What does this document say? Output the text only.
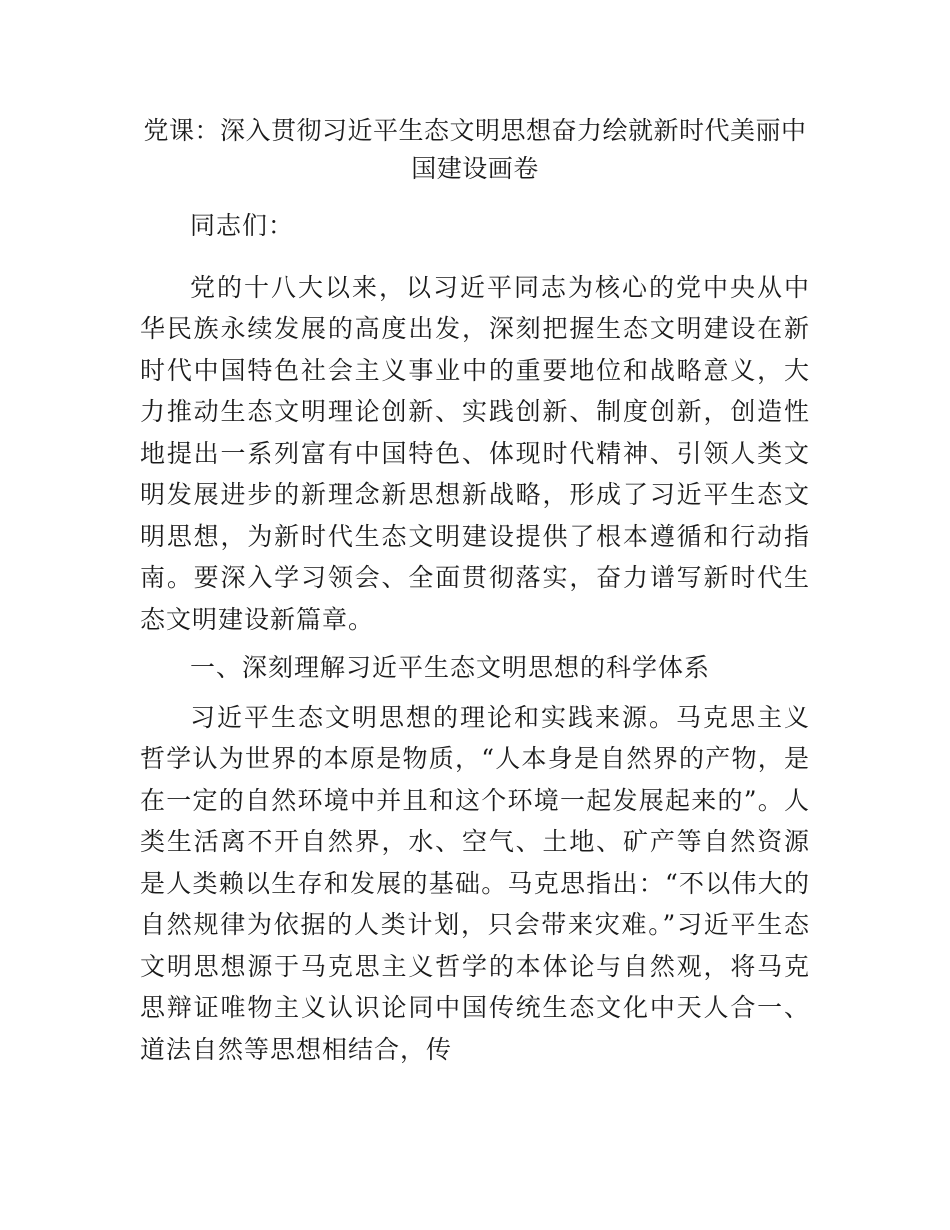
党课：深入贯彻习近平生态文明思想奋力绘就新时代美丽中国建设画卷

同志们：

党的十八大以来，以习近平同志为核心的党中央从中华民族永续发展的高度出发，深刻把握生态文明建设在新时代中国特色社会主义事业中的重要地位和战略意义，大力推动生态文明理论创新、实践创新、制度创新，创造性地提出一系列富有中国特色、体现时代精神、引领人类文明发展进步的新理念新思想新战略，形成了习近平生态文明思想，为新时代生态文明建设提供了根本遵循和行动指南。要深入学习领会、全面贯彻落实，奋力谱写新时代生态文明建设新篇章。

一、深刻理解习近平生态文明思想的科学体系

习近平生态文明思想的理论和实践来源。马克思主义哲学认为世界的本原是物质，“人本身是自然界的产物，是在一定的自然环境中并且和这个环境一起发展起来的”。人类生活离不开自然界，水、空气、土地、矿产等自然资源是人类赖以生存和发展的基础。马克思指出：“不以伟大的自然规律为依据的人类计划，只会带来灾难。”习近平生态文明思想源于马克思主义哲学的本体论与自然观，将马克思辩证唯物主义认识论同中国传统生态文化中天人合一、道法自然等思想相结合，传
